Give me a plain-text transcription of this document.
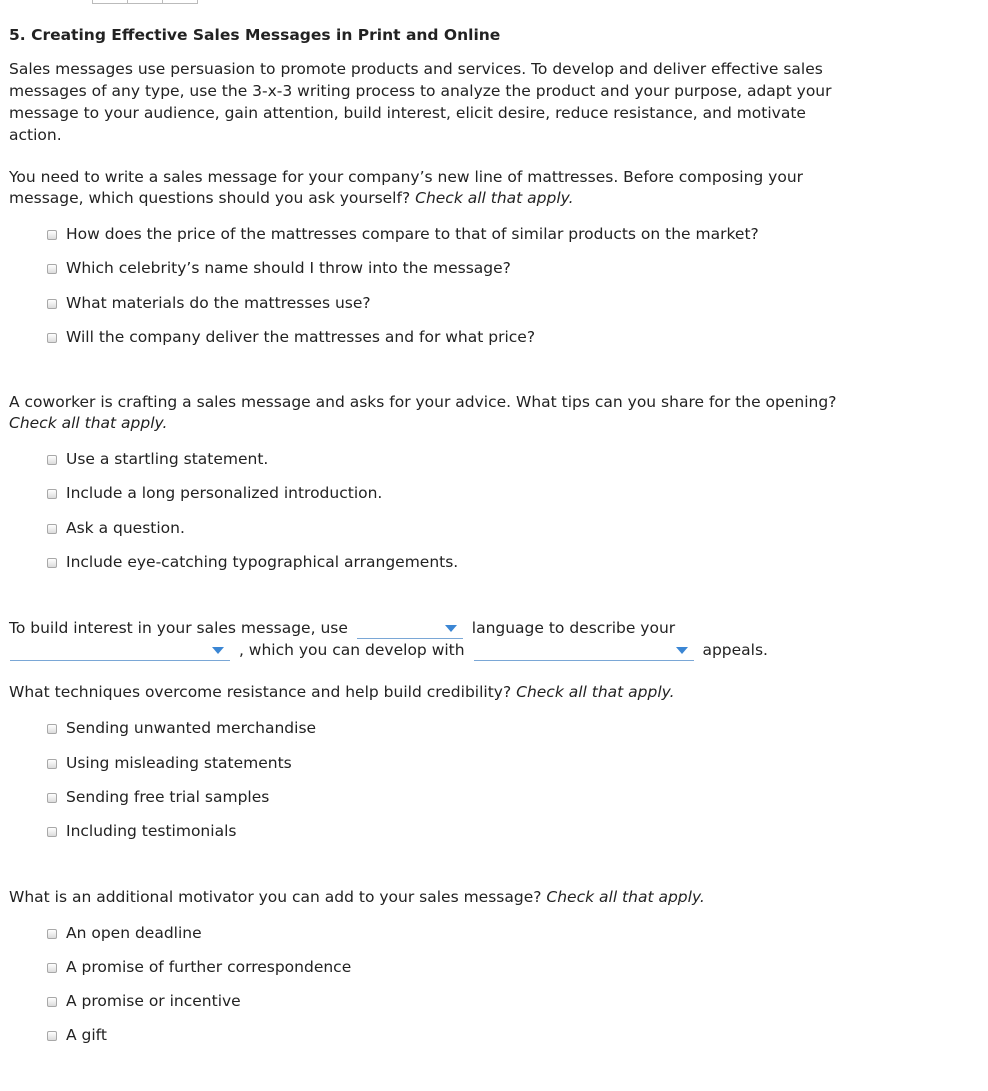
5. Creating Effective Sales Messages in Print and Online

Sales messages use persuasion to promote products and services. To develop and deliver effective sales messages of any type, use the 3-x-3 writing process to analyze the product and your purpose, adapt your message to your audience, gain attention, build interest, elicit desire, reduce resistance, and motivate action.

You need to write a sales message for your company’s new line of mattresses. Before composing your message, which questions should you ask yourself? Check all that apply.

How does the price of the mattresses compare to that of similar products on the market?
Which celebrity’s name should I throw into the message?
What materials do the mattresses use?
Will the company deliver the mattresses and for what price?

A coworker is crafting a sales message and asks for your advice. What tips can you share for the opening? Check all that apply.

Use a startling statement.
Include a long personalized introduction.
Ask a question.
Include eye-catching typographical arrangements.

To build interest in your sales message, use	language to describe your

, which you can develop with	appeals.

What techniques overcome resistance and help build credibility? Check all that apply.

Sending unwanted merchandise
Using misleading statements
Sending free trial samples
Including testimonials

What is an additional motivator you can add to your sales message? Check all that apply.

An open deadline
A promise of further correspondence
A promise or incentive
A gift
